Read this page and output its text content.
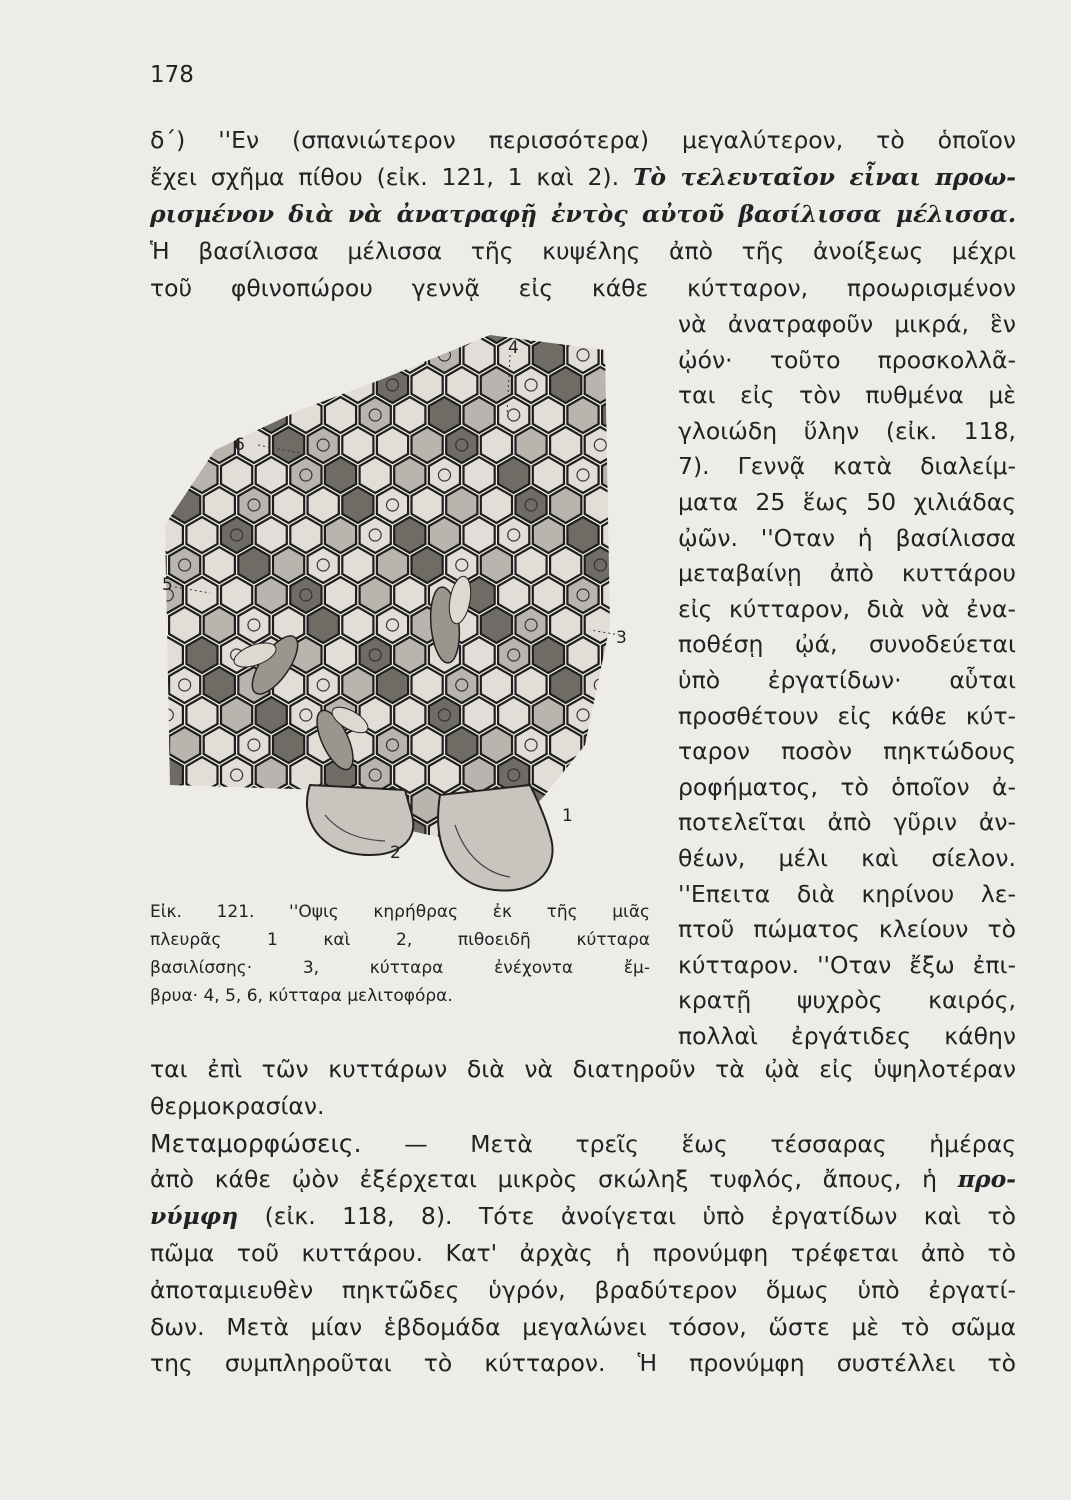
178
δ΄) ''Εν (σπανιώτερον περισσότερα) μεγαλύτερον, τὸ ὁποῖον
ἔχει σχῆμα πίθου (εἰκ. 121, 1 καὶ 2). Τὸ τελευταῖον εἶναι προω-
ρισμένον διὰ νὰ ἀνατραφῇ ἐντὸς αὐτοῦ βασίλισσα μέλισσα.
Ἡ βασίλισσα μέλισσα τῆς κυψέλης ἀπὸ τῆς ἀνοίξεως μέχρι
τοῦ φθινοπώρου γεννᾷ εἰς κάθε κύτταρον, προωρισμένον
νὰ ἀνατραφοῦν μικρά, ἓν
ᾠόν· τοῦτο προσκολλᾶ-
ται εἰς τὸν πυθμένα μὲ
γλοιώδη ὕλην (εἰκ. 118,
7). Γεννᾷ κατὰ διαλείμ-
ματα 25 ἕως 50 χιλιάδας
ᾠῶν. ''Οταν ἡ βασίλισσα
μεταβαίνῃ ἀπὸ κυττάρου
εἰς κύτταρον, διὰ νὰ ἐνα-
ποθέσῃ ᾠά, συνοδεύεται
ὑπὸ ἐργατίδων· αὗται
προσθέτουν εἰς κάθε κύτ-
ταρον ποσὸν πηκτώδους
ροφήματος, τὸ ὁποῖον ἀ-
ποτελεῖται ἀπὸ γῦριν ἀν-
θέων, μέλι καὶ σίελον.
''Επειτα διὰ κηρίνου λε-
πτοῦ πώματος κλείουν τὸ
κύτταρον. ''Οταν ἔξω ἐπι-
κρατῇ ψυχρὸς καιρός,
πολλαὶ ἐργάτιδες κάθην
1
2
3
4
5
6
Εἰκ. 121. ''Οψις κηρήθρας ἐκ τῆς μιᾶς
πλευρᾶς 1 καὶ 2, πιθοειδῆ κύτταρα
βασιλίσσης· 3, κύτταρα ἐνέχοντα ἔμ-
βρυα· 4, 5, 6, κύτταρα μελιτοφόρα.
ται ἐπὶ τῶν κυττάρων διὰ νὰ διατηροῦν τὰ ᾠὰ εἰς ὑψηλοτέραν
θερμοκρασίαν.
Μεταμορφώσεις. — Μετὰ τρεῖς ἕως τέσσαρας ἡμέρας
ἀπὸ κάθε ᾠὸν ἐξέρχεται μικρὸς σκώληξ τυφλός, ἄπους, ἡ προ-
νύμφη (εἰκ. 118, 8). Τότε ἀνοίγεται ὑπὸ ἐργατίδων καὶ τὸ
πῶμα τοῦ κυττάρου. Κατ' ἀρχὰς ἡ προνύμφη τρέφεται ἀπὸ τὸ
ἀποταμιευθὲν πηκτῶδες ὑγρόν, βραδύτερον ὅμως ὑπὸ ἐργατί-
δων. Μετὰ μίαν ἑβδομάδα μεγαλώνει τόσον, ὥστε μὲ τὸ σῶμα
της συμπληροῦται τὸ κύτταρον. Ἡ προνύμφη συστέλλει τὸ
